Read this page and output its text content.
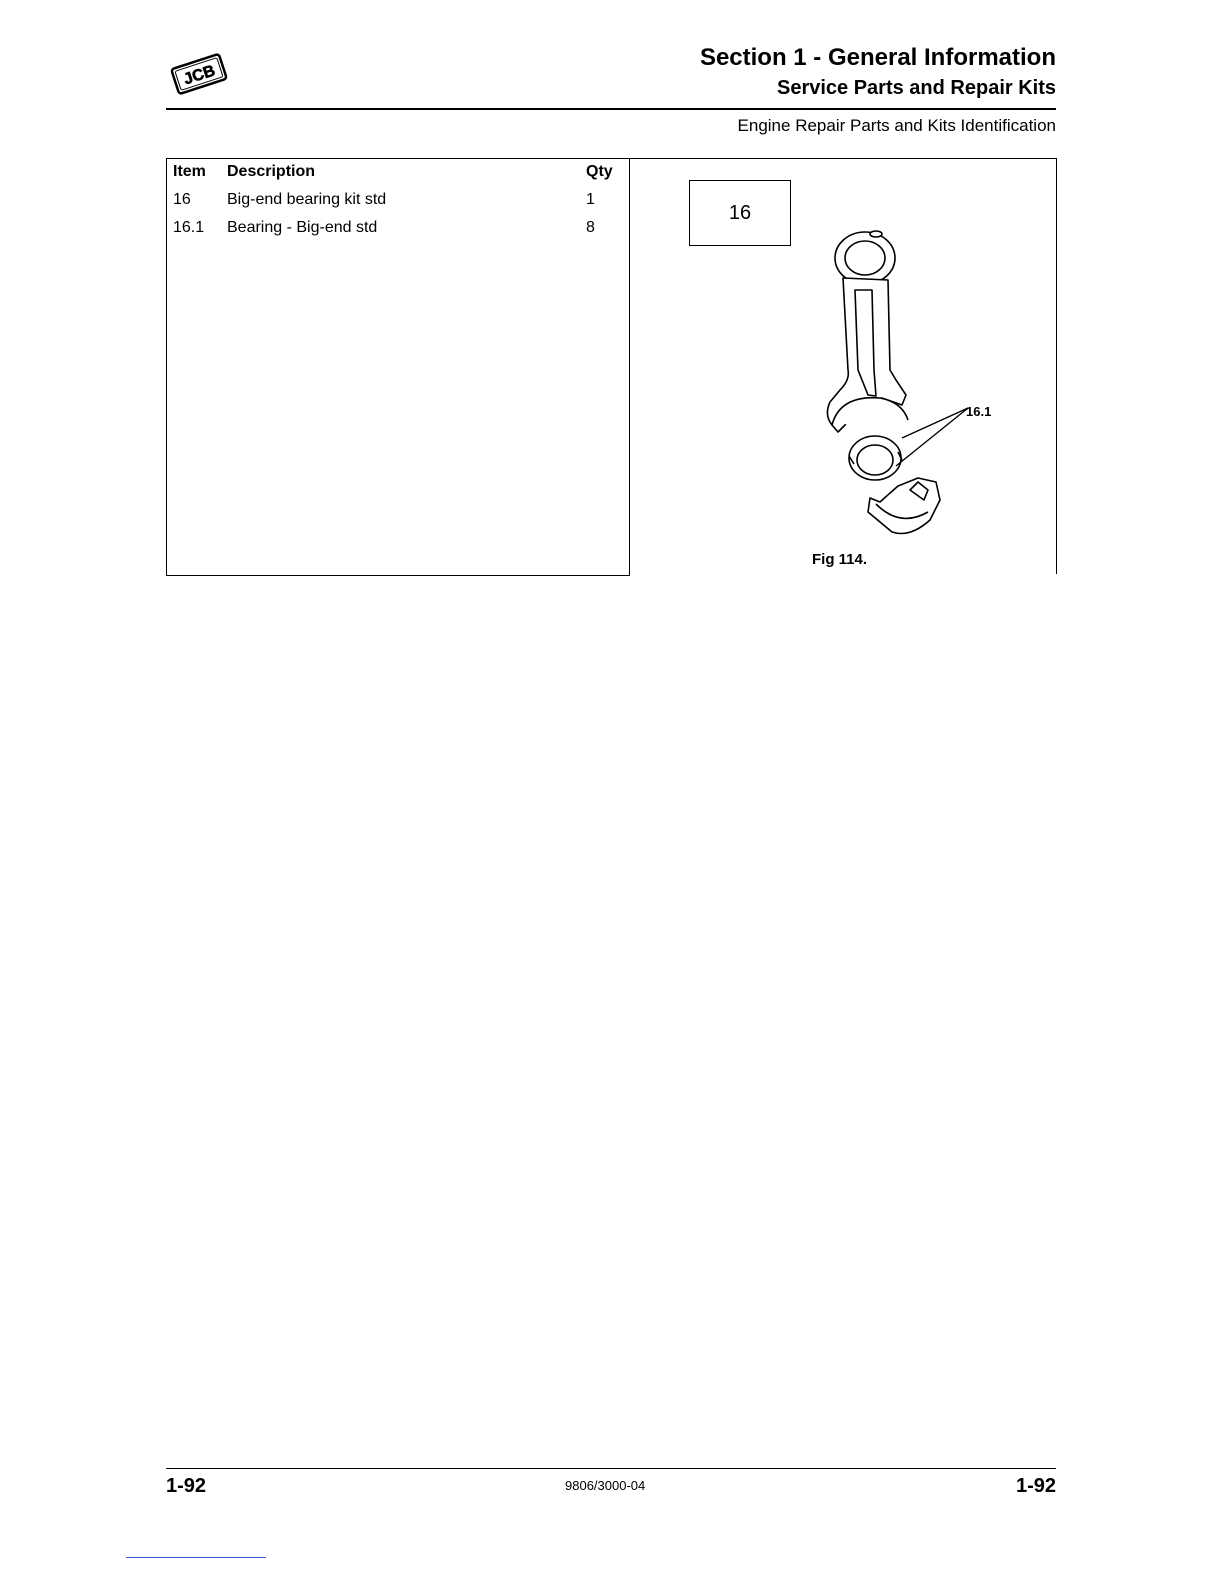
JCB
Section 1 - General Information
Service Parts and Repair Kits
Engine Repair Parts and Kits Identification
Item Description	Qty
16 Big-end bearing kit std	1
16.1 Bearing - Big-end std	8
16
16.1
Fig 114.
1-92	9806/3000-04	1-92
